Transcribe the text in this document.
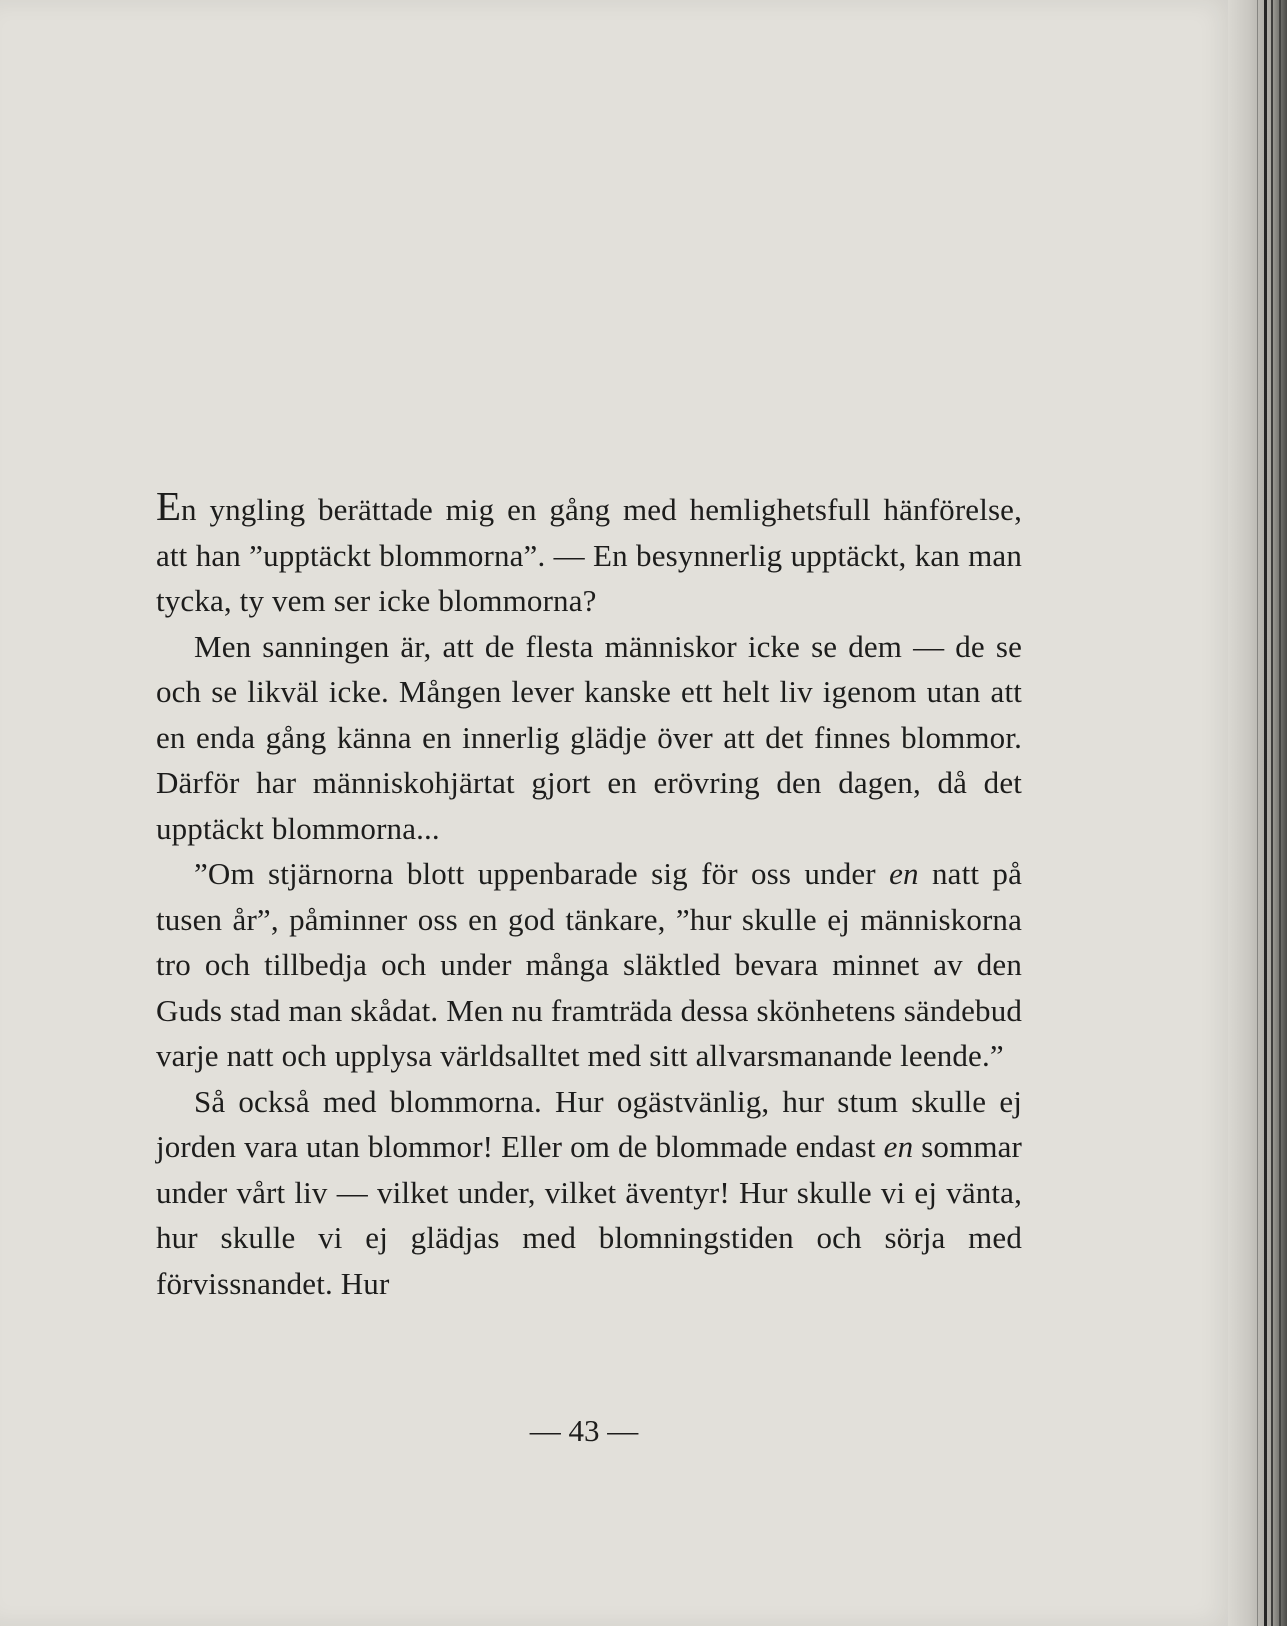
En yngling berättade mig en gång med hemlighetsfull hänförelse, att han ”upptäckt blommorna”. — En besynnerlig upptäckt, kan man tycka, ty vem ser icke blommorna?

Men sanningen är, att de flesta människor icke se dem — de se och se likväl icke. Mången lever kanske ett helt liv igenom utan att en enda gång känna en innerlig glädje över att det finnes blommor. Därför har människohjärtat gjort en erövring den dagen, då det upptäckt blommorna...

”Om stjärnorna blott uppenbarade sig för oss under en natt på tusen år”, påminner oss en god tänkare, ”hur skulle ej människorna tro och tillbedja och under många släktled bevara minnet av den Guds stad man skådat. Men nu framträda dessa skönhetens sändebud varje natt och upplysa världsalltet med sitt allvarsmanande leende.”

Så också med blommorna. Hur ogästvänlig, hur stum skulle ej jorden vara utan blommor! Eller om de blommade endast en sommar under vårt liv — vilket under, vilket äventyr! Hur skulle vi ej vänta, hur skulle vi ej glädjas med blomningstiden och sörja med förvissnandet. Hur

— 43 —
